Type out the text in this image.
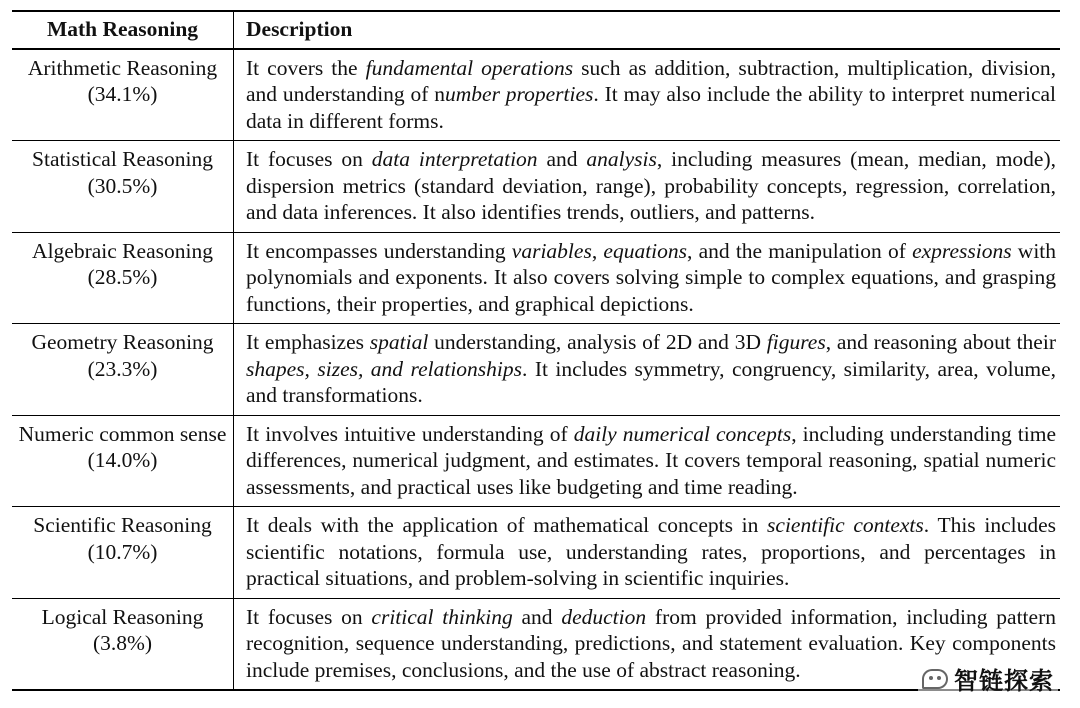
Math Reasoning	Description
Arithmetic Reasoning
(34.1%)
It covers the fundamental operations such as addition, subtraction, multiplication, division, and understanding of number properties. It may also include the ability to interpret numerical data in different forms.
Statistical Reasoning
(30.5%)
It focuses on data interpretation and analysis, including measures (mean, median, mode), dispersion metrics (standard deviation, range), probability concepts, regression, correlation, and data inferences. It also identifies trends, outliers, and patterns.
Algebraic Reasoning
(28.5%)
It encompasses understanding variables, equations, and the manipulation of expressions with polynomials and exponents. It also covers solving simple to complex equations, and grasping functions, their properties, and graphical depictions.
Geometry Reasoning
(23.3%)
It emphasizes spatial understanding, analysis of 2D and 3D figures, and reasoning about their shapes, sizes, and relationships. It includes symmetry, congruency, similarity, area, volume, and transformations.
Numeric common sense
(14.0%)
It involves intuitive understanding of daily numerical concepts, including understanding time differences, numerical judgment, and estimates. It covers temporal reasoning, spatial numeric assessments, and practical uses like budgeting and time reading.
Scientific Reasoning
(10.7%)
It deals with the application of mathematical concepts in scientific contexts. This includes scientific notations, formula use, understanding rates, proportions, and percentages in practical situations, and problem-solving in scientific inquiries.
Logical Reasoning
(3.8%)
It focuses on critical thinking and deduction from provided information, including pattern recognition, sequence understanding, predictions, and statement evaluation. Key components include premises, conclusions, and the use of abstract reasoning.	智链探索
